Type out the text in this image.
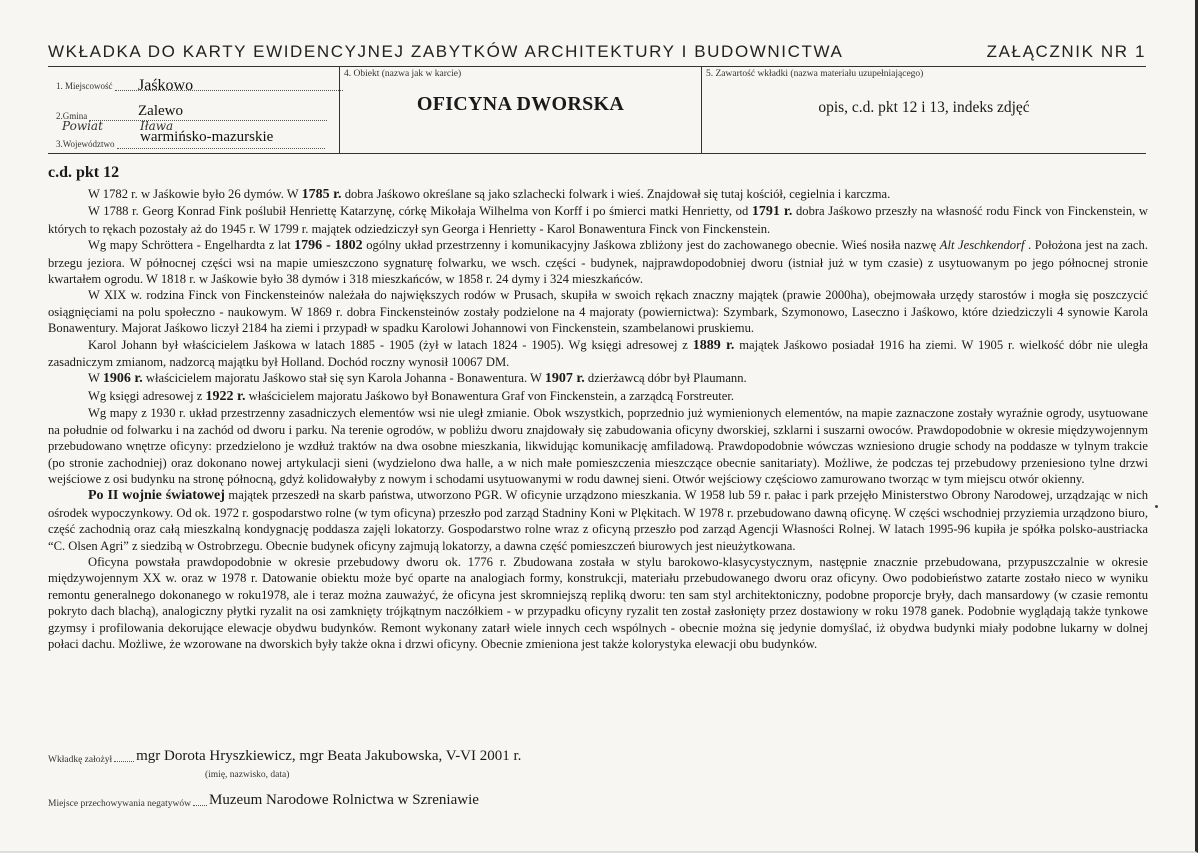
WKŁADKA DO KARTY EWIDENCYJNEJ ZABYTKÓW ARCHITEKTURY I BUDOWNICTWA	ZAŁĄCZNIK NR 1
1. Miejscowość Jaśkowo
2.Gmina	Zalewo
Powiat	Iława
3.Województwo warmińsko-mazurskie
4. Obiekt (nazwa jak w karcie)
OFICYNA DWORSKA
5. Zawartość wkładki (nazwa materiału uzupełniającego)
opis, c.d. pkt 12 i 13, indeks zdjęć
c.d. pkt 12

W 1782 r. w Jaśkowie było 26 dymów. W 1785 r. dobra Jaśkowo określane są jako szlachecki folwark i wieś. Znajdował się tutaj kościół, cegielnia i karczma.

W 1788 r. Georg Konrad Fink poślubił Henriettę Katarzynę, córkę Mikołaja Wilhelma von Korff i po śmierci matki Henrietty, od 1791 r. dobra Jaśkowo przeszły na własność rodu Finck von Finckenstein, w których to rękach pozostały aż do 1945 r. W 1799 r. majątek odziedziczył syn Georga i Henrietty - Karol Bonawentura Finck von Finckenstein.

Wg mapy Schröttera - Engelhardta z lat 1796 - 1802 ogólny układ przestrzenny i komunikacyjny Jaśkowa zbliżony jest do zachowanego obecnie. Wieś nosiła nazwę Alt Jeschkendorf . Położona jest na zach. brzegu jeziora. W północnej części wsi na mapie umieszczono sygnaturę folwarku, we wsch. części - budynek, najprawdopodobniej dworu (istniał już w tym czasie) z usytuowanym po jego północnej stronie kwartałem ogrodu. W 1818 r. w Jaśkowie było 38 dymów i 318 mieszkańców, w 1858 r. 24 dymy i 324 mieszkańców.

W XIX w. rodzina Finck von Finckensteinów należała do największych rodów w Prusach, skupiła w swoich rękach znaczny majątek (prawie 2000ha), obejmowała urzędy starostów i mogła się poszczycić osiągnięciami na polu społeczno - naukowym. W 1869 r. dobra Finckensteinów zostały podzielone na 4 majoraty (powiernictwa): Szymbark, Szymonowo, Laseczno i Jaśkowo, które dziedziczyli 4 synowie Karola Bonawentury. Majorat Jaśkowo liczył 2184 ha ziemi i przypadł w spadku Karolowi Johannowi von Finckenstein, szambelanowi pruskiemu.

Karol Johann był właścicielem Jaśkowa w latach 1885 - 1905 (żył w latach 1824 - 1905). Wg księgi adresowej z 1889 r. majątek Jaśkowo posiadał 1916 ha ziemi. W 1905 r. wielkość dóbr nie uległa zasadniczym zmianom, nadzorcą majątku był Holland. Dochód roczny wynosił 10067 DM.

W 1906 r. właścicielem majoratu Jaśkowo stał się syn Karola Johanna - Bonawentura. W 1907 r. dzierżawcą dóbr był Plaumann.

Wg księgi adresowej z 1922 r. właścicielem majoratu Jaśkowo był Bonawentura Graf von Finckenstein, a zarządcą Forstreuter.

Wg mapy z 1930 r. układ przestrzenny zasadniczych elementów wsi nie uległ zmianie. Obok wszystkich, poprzednio już wymienionych elementów, na mapie zaznaczone zostały wyraźnie ogrody, usytuowane na południe od folwarku i na zachód od dworu i parku. Na terenie ogrodów, w pobliżu dworu znajdowały się zabudowania oficyny dworskiej, szklarni i suszarni owoców. Prawdopodobnie w okresie międzywojennym przebudowano wnętrze oficyny: przedzielono je wzdłuż traktów na dwa osobne mieszkania, likwidując komunikację amfiladową. Prawdopodobnie wówczas wzniesiono drugie schody na poddasze w tylnym trakcie (po stronie zachodniej) oraz dokonano nowej artykulacji sieni (wydzielono dwa halle, a w nich małe pomieszczenia mieszczące obecnie sanitariaty). Możliwe, że podczas tej przebudowy przeniesiono tylne drzwi wejściowe z osi budynku na stronę północną, gdyż kolidowałyby z nowym i schodami usytuowanymi w rodu dawnej sieni. Otwór wejściowy częściowo zamurowano tworząc w tym miejscu otwór okienny.

Po II wojnie światowej majątek przeszedł na skarb państwa, utworzono PGR. W oficynie urządzono mieszkania. W 1958 lub 59 r. pałac i park przejęło Ministerstwo Obrony Narodowej, urządzając w nich ośrodek wypoczynkowy. Od ok. 1972 r. gospodarstwo rolne (w tym oficyna) przeszło pod zarząd Stadniny Koni w Plękitach. W 1978 r. przebudowano dawną oficynę. W części wschodniej przyziemia urządzono biuro, część zachodnią oraz całą mieszkalną kondygnację poddasza zajęli lokatorzy. Gospodarstwo rolne wraz z oficyną przeszło pod zarząd Agencji Własności Rolnej. W latach 1995-96 kupiła je spółka polsko-austriacka “C. Olsen Agri” z siedzibą w Ostrobrzegu. Obecnie budynek oficyny zajmują lokatorzy, a dawna część pomieszczeń biurowych jest nieużytkowana.

Oficyna powstała prawdopodobnie w okresie przebudowy dworu ok. 1776 r. Zbudowana została w stylu barokowo-klasycystycznym, następnie znacznie przebudowana, przypuszczalnie w okresie międzywojennym XX w. oraz w 1978 r. Datowanie obiektu może być oparte na analogiach formy, konstrukcji, materiału przebudowanego dworu oraz oficyny. Owo podobieństwo zatarte zostało nieco w wyniku remontu generalnego dokonanego w roku1978, ale i teraz można zauważyć, że oficyna jest skromniejszą repliką dworu: ten sam styl architektoniczny, podobne proporcje bryły, dach mansardowy (w czasie remontu pokryto dach blachą), analogiczny płytki ryzalit na osi zamknięty trójkątnym naczółkiem - w przypadku oficyny ryzalit ten został zasłonięty przez dostawiony w roku 1978 ganek. Podobnie wyglądają także tynkowe gzymsy i profilowania dekorujące elewacje obydwu budynków. Remont wykonany zatarł wiele innych cech wspólnych - obecnie można się jedynie domyślać, iż obydwa budynki miały podobne lukarny w dolnej połaci dachu. Możliwe, że wzorowane na dworskich były także okna i drzwi oficyny. Obecnie zmieniona jest także kolorystyka elewacji obu budynków.

Wkładkę założył mgr Dorota Hryszkiewicz, mgr Beata Jakubowska, V-VI 2001 r.
(imię, nazwisko, data)
Miejsce przechowywania negatywów Muzeum Narodowe Rolnictwa w Szreniawie
